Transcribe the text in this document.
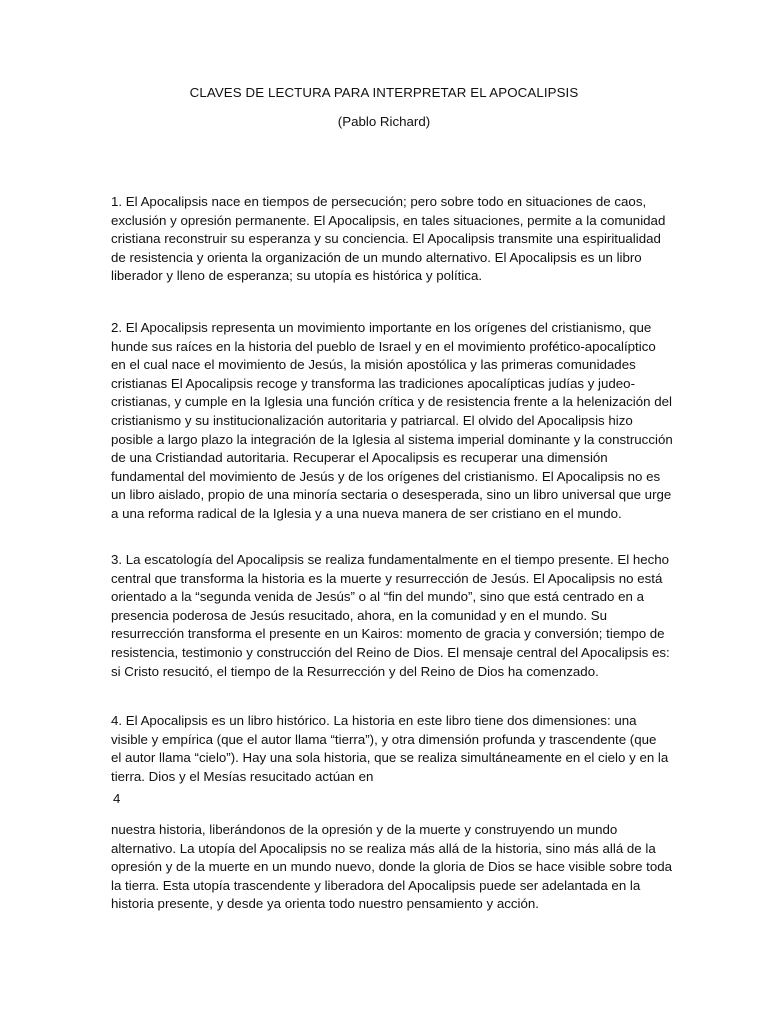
CLAVES DE LECTURA PARA INTERPRETAR EL APOCALIPSIS
(Pablo Richard)
1. El Apocalipsis nace en tiempos de persecución; pero sobre todo en situaciones de caos,
exclusión y opresión permanente. El Apocalipsis, en tales situaciones, permite a la comunidad
cristiana reconstruir su esperanza y su conciencia. El Apocalipsis transmite una espiritualidad
de resistencia y orienta la organización de un mundo alternativo. El Apocalipsis es un libro
liberador y lleno de esperanza; su utopía es histórica y política.
2. El Apocalipsis representa un movimiento importante en los orígenes del cristianismo, que
hunde sus raíces en la historia del pueblo de Israel y en el movimiento profético-apocalíptico
en el cual nace el movimiento de Jesús, la misión apostólica y las primeras comunidades
cristianas El Apocalipsis recoge y transforma las tradiciones apocalípticas judías y judeo-
cristianas, y cumple en la Iglesia una función crítica y de resistencia frente a la helenización del
cristianismo y su institucionalización autoritaria y patriarcal. El olvido del Apocalipsis hizo
posible a largo plazo la integración de la Iglesia al sistema imperial dominante y la construcción
de una Cristiandad autoritaria. Recuperar el Apocalipsis es recuperar una dimensión
fundamental del movimiento de Jesús y de los orígenes del cristianismo. El Apocalipsis no es
un libro aislado, propio de una minoría sectaria o desesperada, sino un libro universal que urge
a una reforma radical de la Iglesia y a una nueva manera de ser cristiano en el mundo.
3. La escatología del Apocalipsis se realiza fundamentalmente en el tiempo presente. El hecho
central que transforma la historia es la muerte y resurrección de Jesús. El Apocalipsis no está
orientado a la “segunda venida de Jesús” o al “fin del mundo”, sino que está centrado en a
presencia poderosa de Jesús resucitado, ahora, en la comunidad y en el mundo. Su
resurrección transforma el presente en un Kairos: momento de gracia y conversión; tiempo de
resistencia, testimonio y construcción del Reino de Dios. El mensaje central del Apocalipsis es:
si Cristo resucitó, el tiempo de la Resurrección y del Reino de Dios ha comenzado.
4. El Apocalipsis es un libro histórico. La historia en este libro tiene dos dimensiones: una
visible y empírica (que el autor llama “tierra”), y otra dimensión profunda y trascendente (que
el autor llama “cielo”). Hay una sola historia, que se realiza simultáneamente en el cielo y en la
tierra. Dios y el Mesías resucitado actúan en
4
nuestra historia, liberándonos de la opresión y de la muerte y construyendo un mundo
alternativo. La utopía del Apocalipsis no se realiza más allá de la historia, sino más allá de la
opresión y de la muerte en un mundo nuevo, donde la gloria de Dios se hace visible sobre toda
la tierra. Esta utopía trascendente y liberadora del Apocalipsis puede ser adelantada en la
historia presente, y desde ya orienta todo nuestro pensamiento y acción.
